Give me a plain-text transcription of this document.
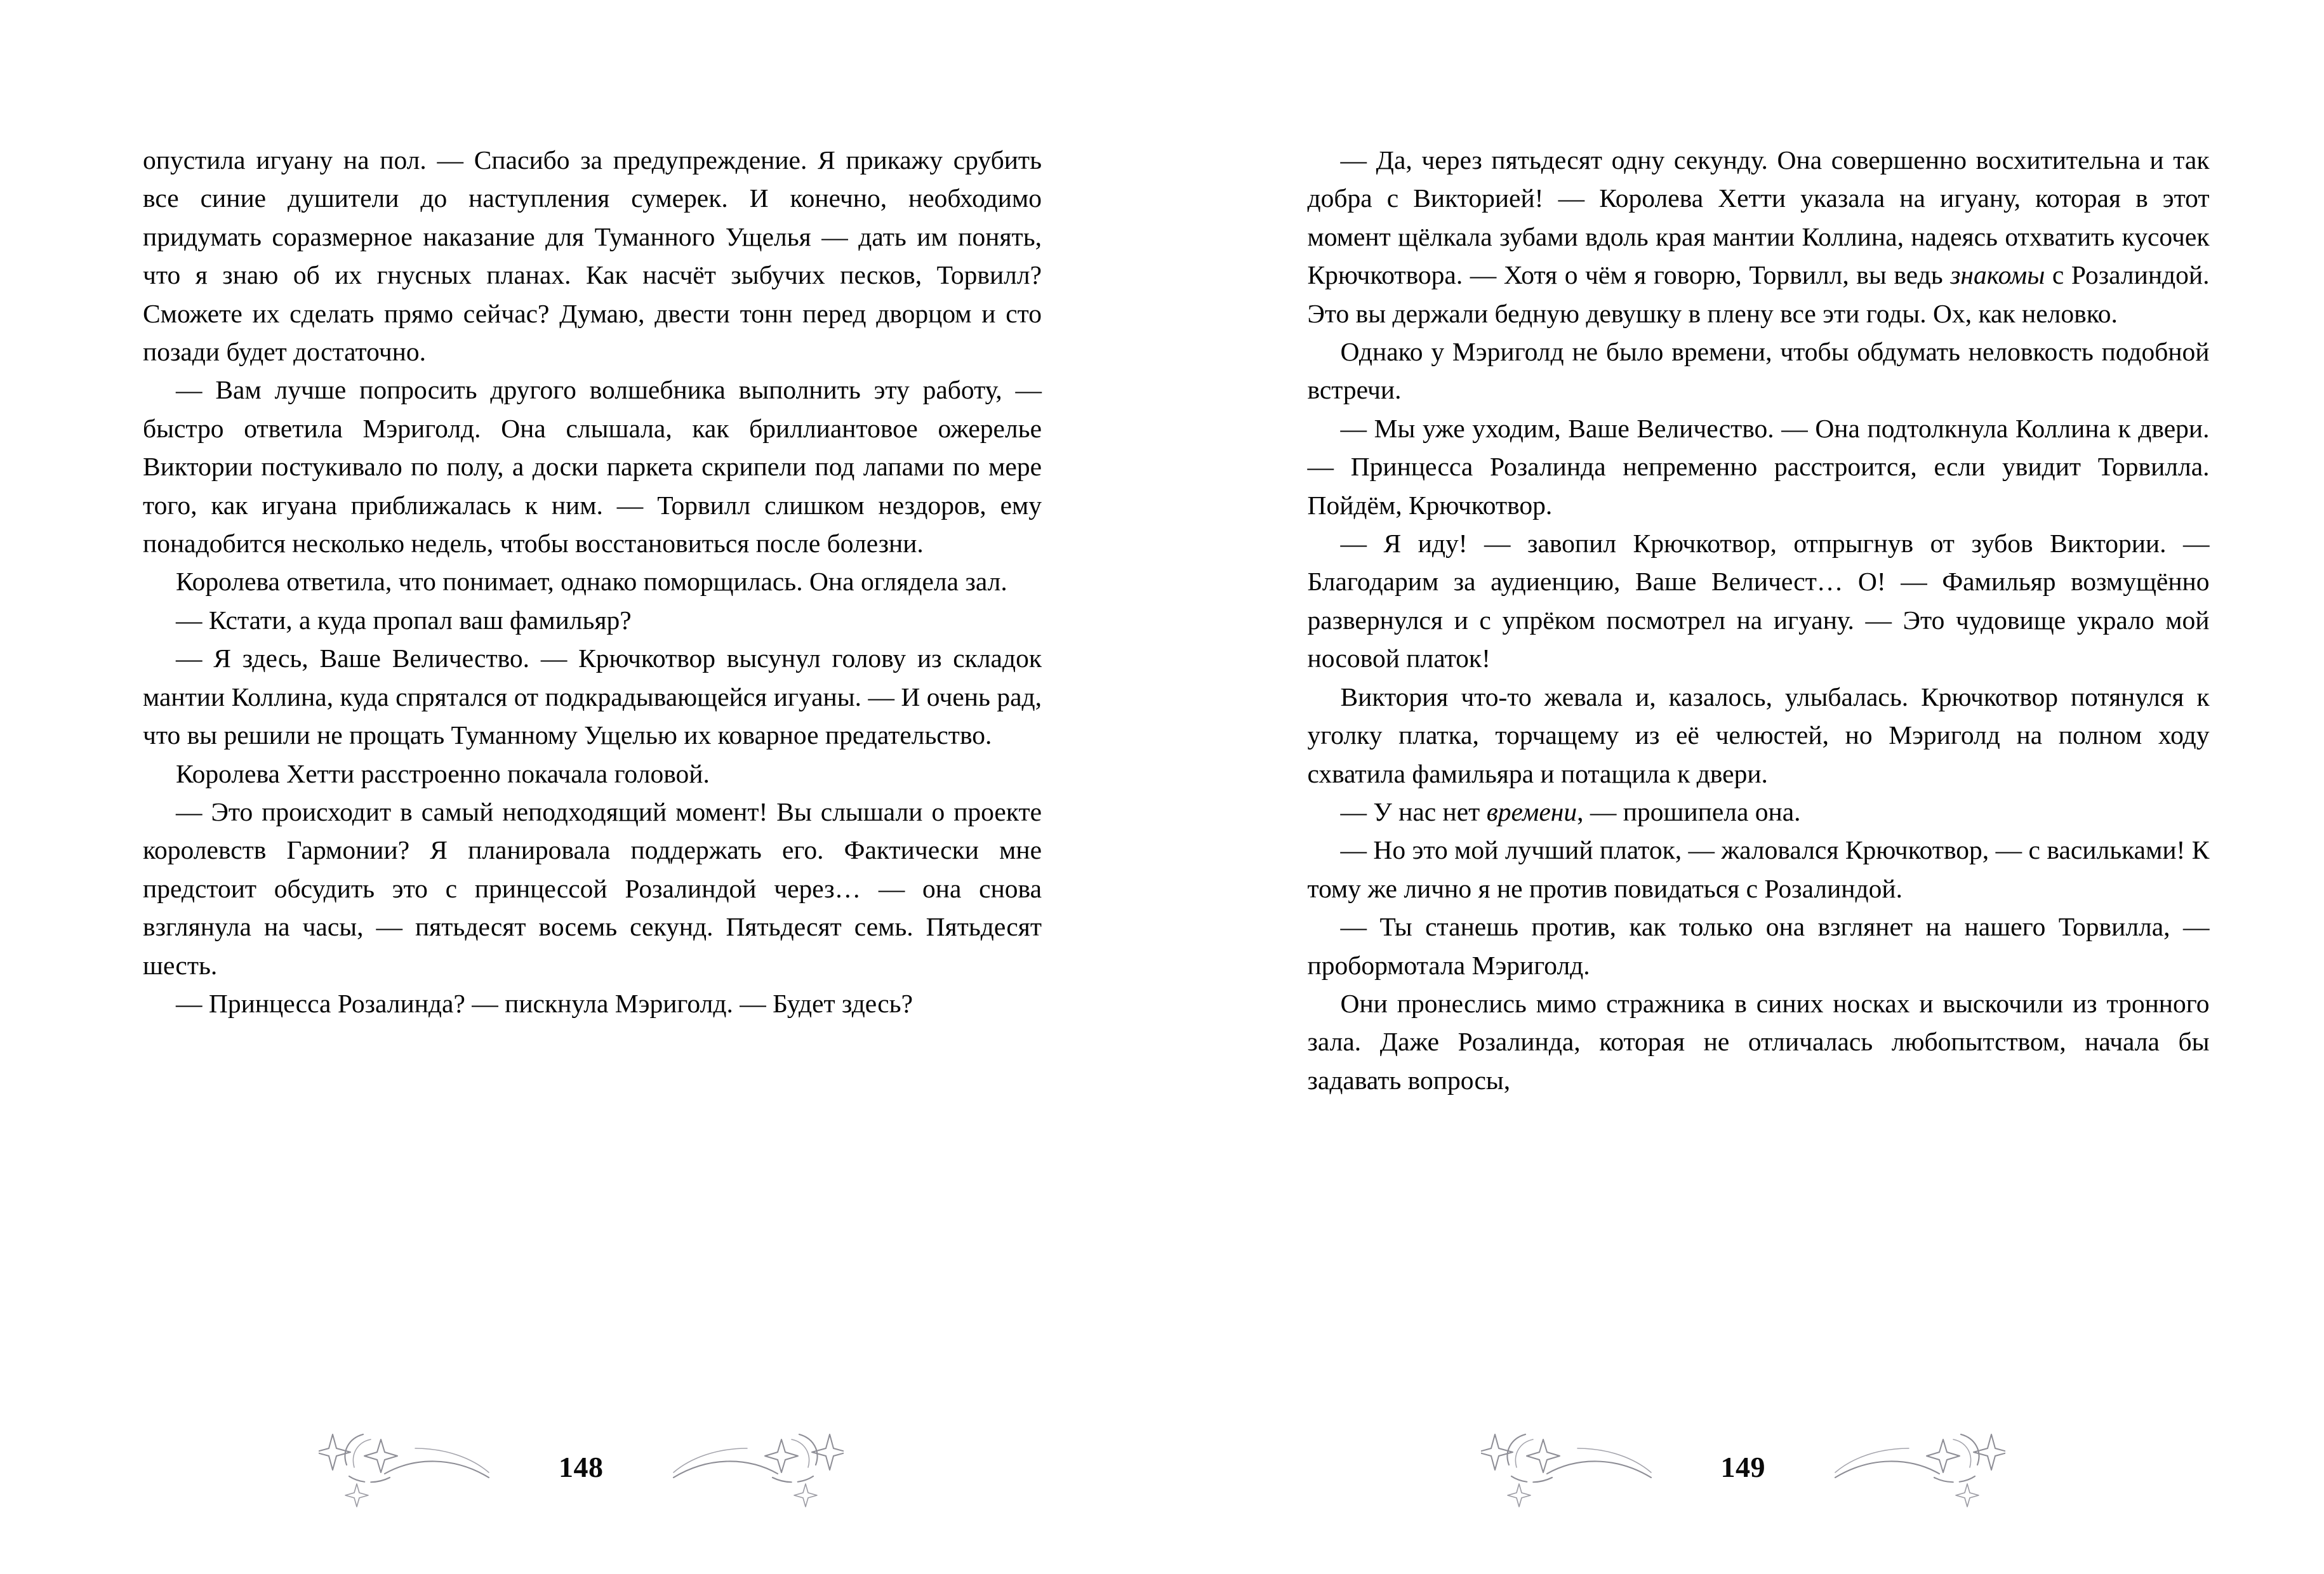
опустила игуану на пол. — Спасибо за предупреждение. Я прикажу срубить все синие душители до наступления сумерек. И конечно, необходимо придумать соразмерное наказание для Туманного Ущелья — дать им понять, что я знаю об их гнусных планах. Как насчёт зыбучих песков, Торвилл? Сможете их сделать прямо сейчас? Думаю, двести тонн перед дворцом и сто позади будет достаточно.
— Вам лучше попросить другого волшебника выполнить эту работу, — быстро ответила Мэриголд. Она слышала, как бриллиантовое ожерелье Виктории постукивало по полу, а доски паркета скрипели под лапами по мере того, как игуана приближалась к ним. — Торвилл слишком нездоров, ему понадобится несколько недель, чтобы восстановиться после болезни.
Королева ответила, что понимает, однако поморщилась. Она оглядела зал.
— Кстати, а куда пропал ваш фамильяр?
— Я здесь, Ваше Величество. — Крючкотвор высунул голову из складок мантии Коллина, куда спрятался от подкрадывающейся игуаны. — И очень рад, что вы решили не прощать Туманному Ущелью их коварное предательство.
Королева Хетти расстроенно покачала головой.
— Это происходит в самый неподходящий момент! Вы слышали о проекте королевств Гармонии? Я планировала поддержать его. Фактически мне предстоит обсудить это с принцессой Розалиндой через… — она снова взглянула на часы, — пятьдесят восемь секунд. Пятьдесят семь. Пятьдесят шесть.
— Принцесса Розалинда? — пискнула Мэриголд. — Будет здесь?
148
— Да, через пятьдесят одну секунду. Она совершенно восхитительна и так добра с Викторией! — Королева Хетти указала на игуану, которая в этот момент щёлкала зубами вдоль края мантии Коллина, надеясь отхватить кусочек Крючкотвора. — Хотя о чём я говорю, Торвилл, вы ведь знакомы с Розалиндой. Это вы держали бедную девушку в плену все эти годы. Ох, как неловко.
Однако у Мэриголд не было времени, чтобы обдумать неловкость подобной встречи.
— Мы уже уходим, Ваше Величество. — Она подтолкнула Коллина к двери. — Принцесса Розалинда непременно расстроится, если увидит Торвилла. Пойдём, Крючкотвор.
— Я иду! — завопил Крючкотвор, отпрыгнув от зубов Виктории. — Благодарим за аудиенцию, Ваше Величест… О! — Фамильяр возмущённо развернулся и с упрёком посмотрел на игуану. — Это чудовище украло мой носовой платок!
Виктория что-то жевала и, казалось, улыбалась. Крючкотвор потянулся к уголку платка, торчащему из её челюстей, но Мэриголд на полном ходу схватила фамильяра и потащила к двери.
— У нас нет времени, — прошипела она.
— Но это мой лучший платок, — жаловался Крючкотвор, — с васильками! К тому же лично я не против повидаться с Розалиндой.
— Ты станешь против, как только она взглянет на нашего Торвилла, — пробормотала Мэриголд.
Они пронеслись мимо стражника в синих носках и выскочили из тронного зала. Даже Розалинда, которая не отличалась любопытством, начала бы задавать вопросы,
149
